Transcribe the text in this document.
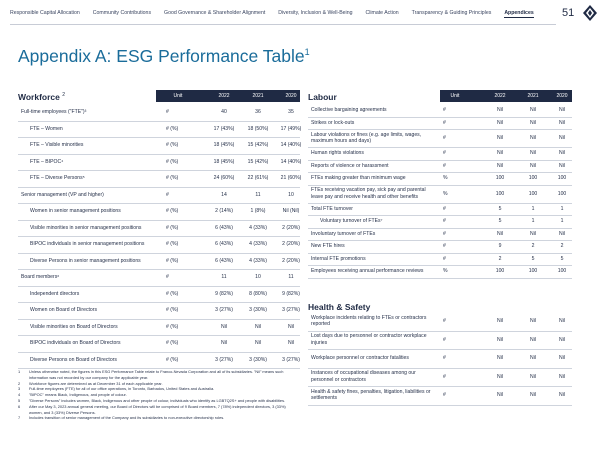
Responsible Capital Allocation	Community Contributions	Good Governance & Shareholder Alignment	Diversity, Inclusion & Well-Being	Climate Action	Transparency & Guiding Principles	Appendices	51
Appendix A: ESG Performance Table$^1$
Workforce $^2$	Unit	2022	2021	2020
Full-time employees ("FTE")³	#	40	36	35
FTE – Women	# (%)	17 (43%)	18 (50%)	17 (49%)
FTE – Visible minorities	# (%)	18 (45%)	15 (42%)	14 (40%)
FTE – BIPOC⁴	# (%)	18 (45%)	15 (42%)	14 (40%)
FTE – Diverse Persons⁵	# (%)	24 (60%)	22 (61%)	21 (60%)
Senior management (VP and higher)	#	14	11	10
Women in senior management positions	# (%)	2 (14%)	1 (8%)	Nil (Nil)
Visible minorities in senior management positions	# (%)	6 (43%)	4 (33%)	2 (20%)
BIPOC individuals in senior management positions	# (%)	6 (43%)	4 (33%)	2 (20%)
Diverse Persons in senior management positions	# (%)	6 (43%)	4 (33%)	2 (20%)
Board members⁶	#	11	10	11
Independent directors	# (%)	9 (82%)	8 (80%)	9 (82%)
Women on Board of Directors	# (%)	3 (27%)	3 (30%)	3 (27%)
Visible minorities on Board of Directors	# (%)	Nil	Nil	Nil
BIPOC individuals on Board of Directors	# (%)	Nil	Nil	Nil
Diverse Persons on Board of Directors	# (%)	3 (27%)	3 (30%)	3 (27%)
Labour	Unit	2022	2021	2020
Collective bargaining agreements	#	Nil	Nil	Nil
Strikes or lock-outs	#	Nil	Nil	Nil
Labour violations or fines (e.g. age limits, wages, maximum hours and days)	#	Nil	Nil	Nil
Human rights violations	#	Nil	Nil	Nil
Reports of violence or harassment	#	Nil	Nil	Nil
FTEs making greater than minimum wage	%	100	100	100
FTEs receiving vacation pay, sick pay and parental leave pay and receive health and other benefits	%	100	100	100
Total FTE turnover	#	5	1	1
Voluntary turnover of FTEs⁷	#	5	1	1
Involuntary turnover of FTEs	#	Nil	Nil	Nil
New FTE hires	#	9	2	2
Internal FTE promotions	#	2	5	5
Employees receiving annual performance reviews	%	100	100	100
Health & Safety
Workplace incidents relating to FTEs or contractors reported	#	Nil	Nil	Nil
Lost days due to personnel or contractor workplace injuries	#	Nil	Nil	Nil
Workplace personnel or contractor fatalities	#	Nil	Nil	Nil
Instances of occupational diseases among our personnel or contractors	#	Nil	Nil	Nil
Health & safety fines, penalties, litigation, liabilities or settlements	#	Nil	Nil	Nil
1 Unless otherwise noted, the figures in this ESG Performance Table relate to Franco-Nevada Corporation and all of its subsidiaries. "Nil" means such information was not recorded by our company for the applicable year.
2 Workforce figures are determined as at December 31 of each applicable year.
3 Full-time employees (FTE) for all of our office operations, in Toronto, Barbados, United States and Australia.
4 "BIPOC" means Black, Indigenous, and people of colour.
5 "Diverse Persons" includes women, Black, Indigenous and other people of colour, individuals who identify as LGBTQ2S+ and people with disabilities.
6 After our May 3, 2023 annual general meeting, our Board of Directors will be comprised of 9 Board members, 7 (78%) independent directors, 3 (33%) women, and 3 (33%) Diverse Persons.
7 Includes transition of senior management of the Company and its subsidiaries to non-executive directorship roles.
